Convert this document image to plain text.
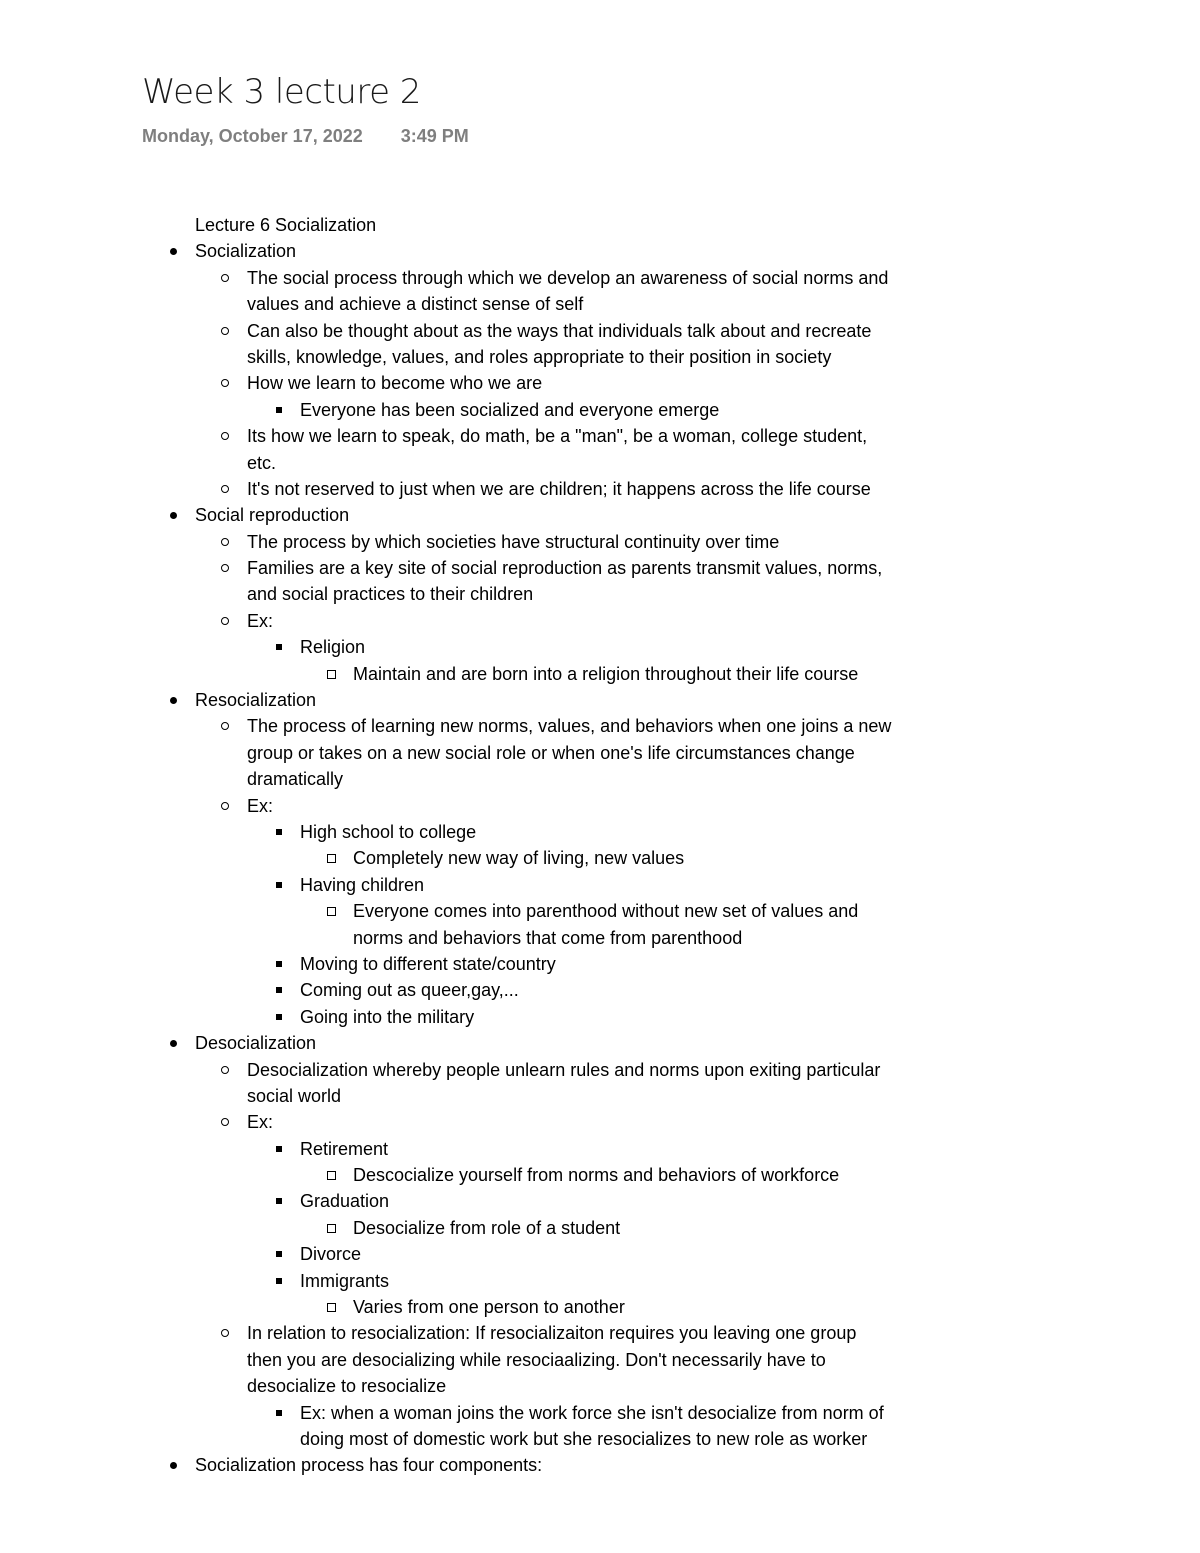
Week 3 lecture 2
Monday, October 17, 2022 3:49 PM
Lecture 6 Socialization
Socialization
The social process through which we develop an awareness of social norms and
values and achieve a distinct sense of self
Can also be thought about as the ways that individuals talk about and recreate
skills, knowledge, values, and roles appropriate to their position in society
How we learn to become who we are
Everyone has been socialized and everyone emerge
Its how we learn to speak, do math, be a "man", be a woman, college student,
etc.
It's not reserved to just when we are children; it happens across the life course
Social reproduction
The process by which societies have structural continuity over time
Families are a key site of social reproduction as parents transmit values, norms,
and social practices to their children
Ex:
Religion
Maintain and are born into a religion throughout their life course
Resocialization
The process of learning new norms, values, and behaviors when one joins a new
group or takes on a new social role or when one's life circumstances change
dramatically
Ex:
High school to college
Completely new way of living, new values
Having children
Everyone comes into parenthood without new set of values and
norms and behaviors that come from parenthood
Moving to different state/country
Coming out as queer,gay,...
Going into the military
Desocialization
Desocialization whereby people unlearn rules and norms upon exiting particular
social world
Ex:
Retirement
Descocialize yourself from norms and behaviors of workforce
Graduation
Desocialize from role of a student
Divorce
Immigrants
Varies from one person to another
In relation to resocialization: If resocializaiton requires you leaving one group
then you are desocializing while resociaalizing. Don't necessarily have to
desocialize to resocialize
Ex: when a woman joins the work force she isn't desocialize from norm of
doing most of domestic work but she resocializes to new role as worker
Socialization process has four components:
